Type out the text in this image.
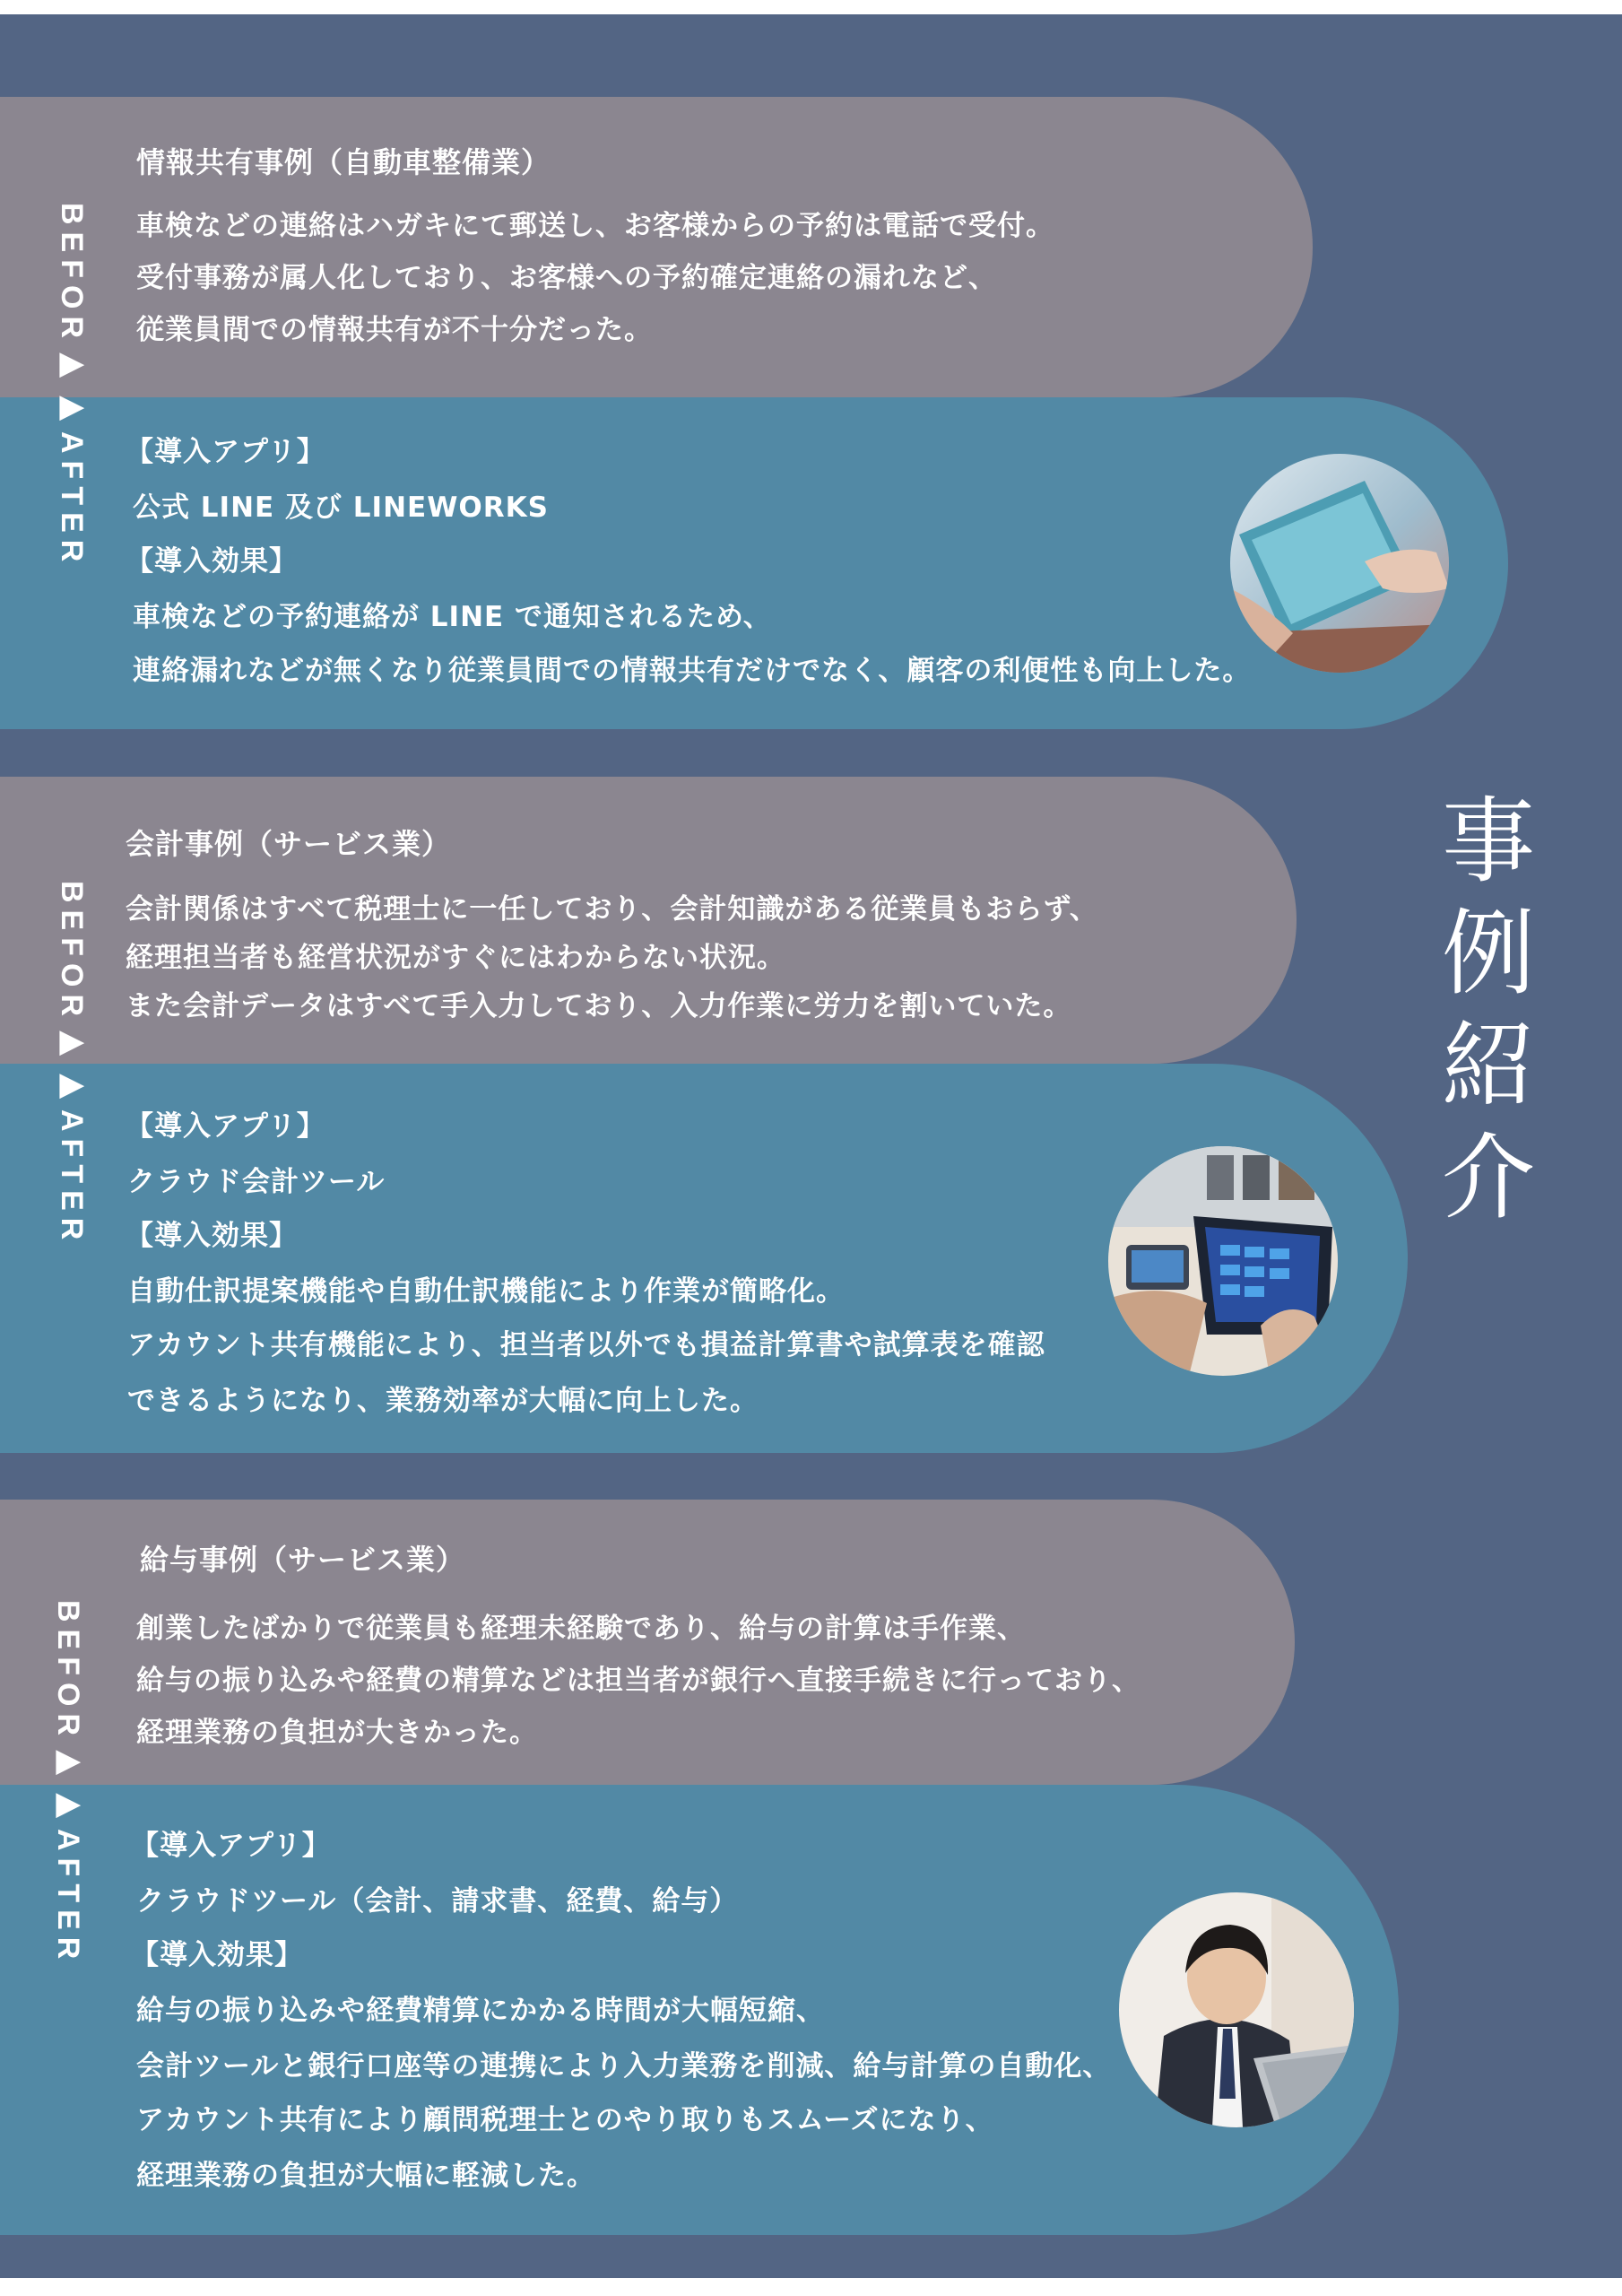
情報共有事例（自動車整備業）

車検などの連絡はハガキにて郵送し、お客様からの予約は電話で受付。

受付事務が属人化しており、お客様への予約確定連絡の漏れなど、

従業員間での情報共有が不十分だった。

【導入アプリ】

公式 LINE 及び LINEWORKS

【導入効果】

車検などの予約連絡が LINE で通知されるため、

連絡漏れなどが無くなり従業員間での情報共有だけでなく、顧客の利便性も向上した。

BEFOR▶▶AFTER

会計事例（サービス業）

会計関係はすべて税理士に一任しており、会計知識がある従業員もおらず、

経理担当者も経営状況がすぐにはわからない状況。

また会計データはすべて手入力しており、入力作業に労力を割いていた。

【導入アプリ】

クラウド会計ツール

【導入効果】

自動仕訳提案機能や自動仕訳機能により作業が簡略化。

アカウント共有機能により、担当者以外でも損益計算書や試算表を確認

できるようになり、業務効率が大幅に向上した。

BEFOR▶▶AFTER

給与事例（サービス業）

創業したばかりで従業員も経理未経験であり、給与の計算は手作業、

給与の振り込みや経費の精算などは担当者が銀行へ直接手続きに行っており、

経理業務の負担が大きかった。

【導入アプリ】

クラウドツール（会計、請求書、経費、給与）

【導入効果】

給与の振り込みや経費精算にかかる時間が大幅短縮、

会計ツールと銀行口座等の連携により入力業務を削減、給与計算の自動化、

アカウント共有により顧問税理士とのやり取りもスムーズになり、

経理業務の負担が大幅に軽減した。

BEFOR▶▶AFTER
事
例
紹
介
